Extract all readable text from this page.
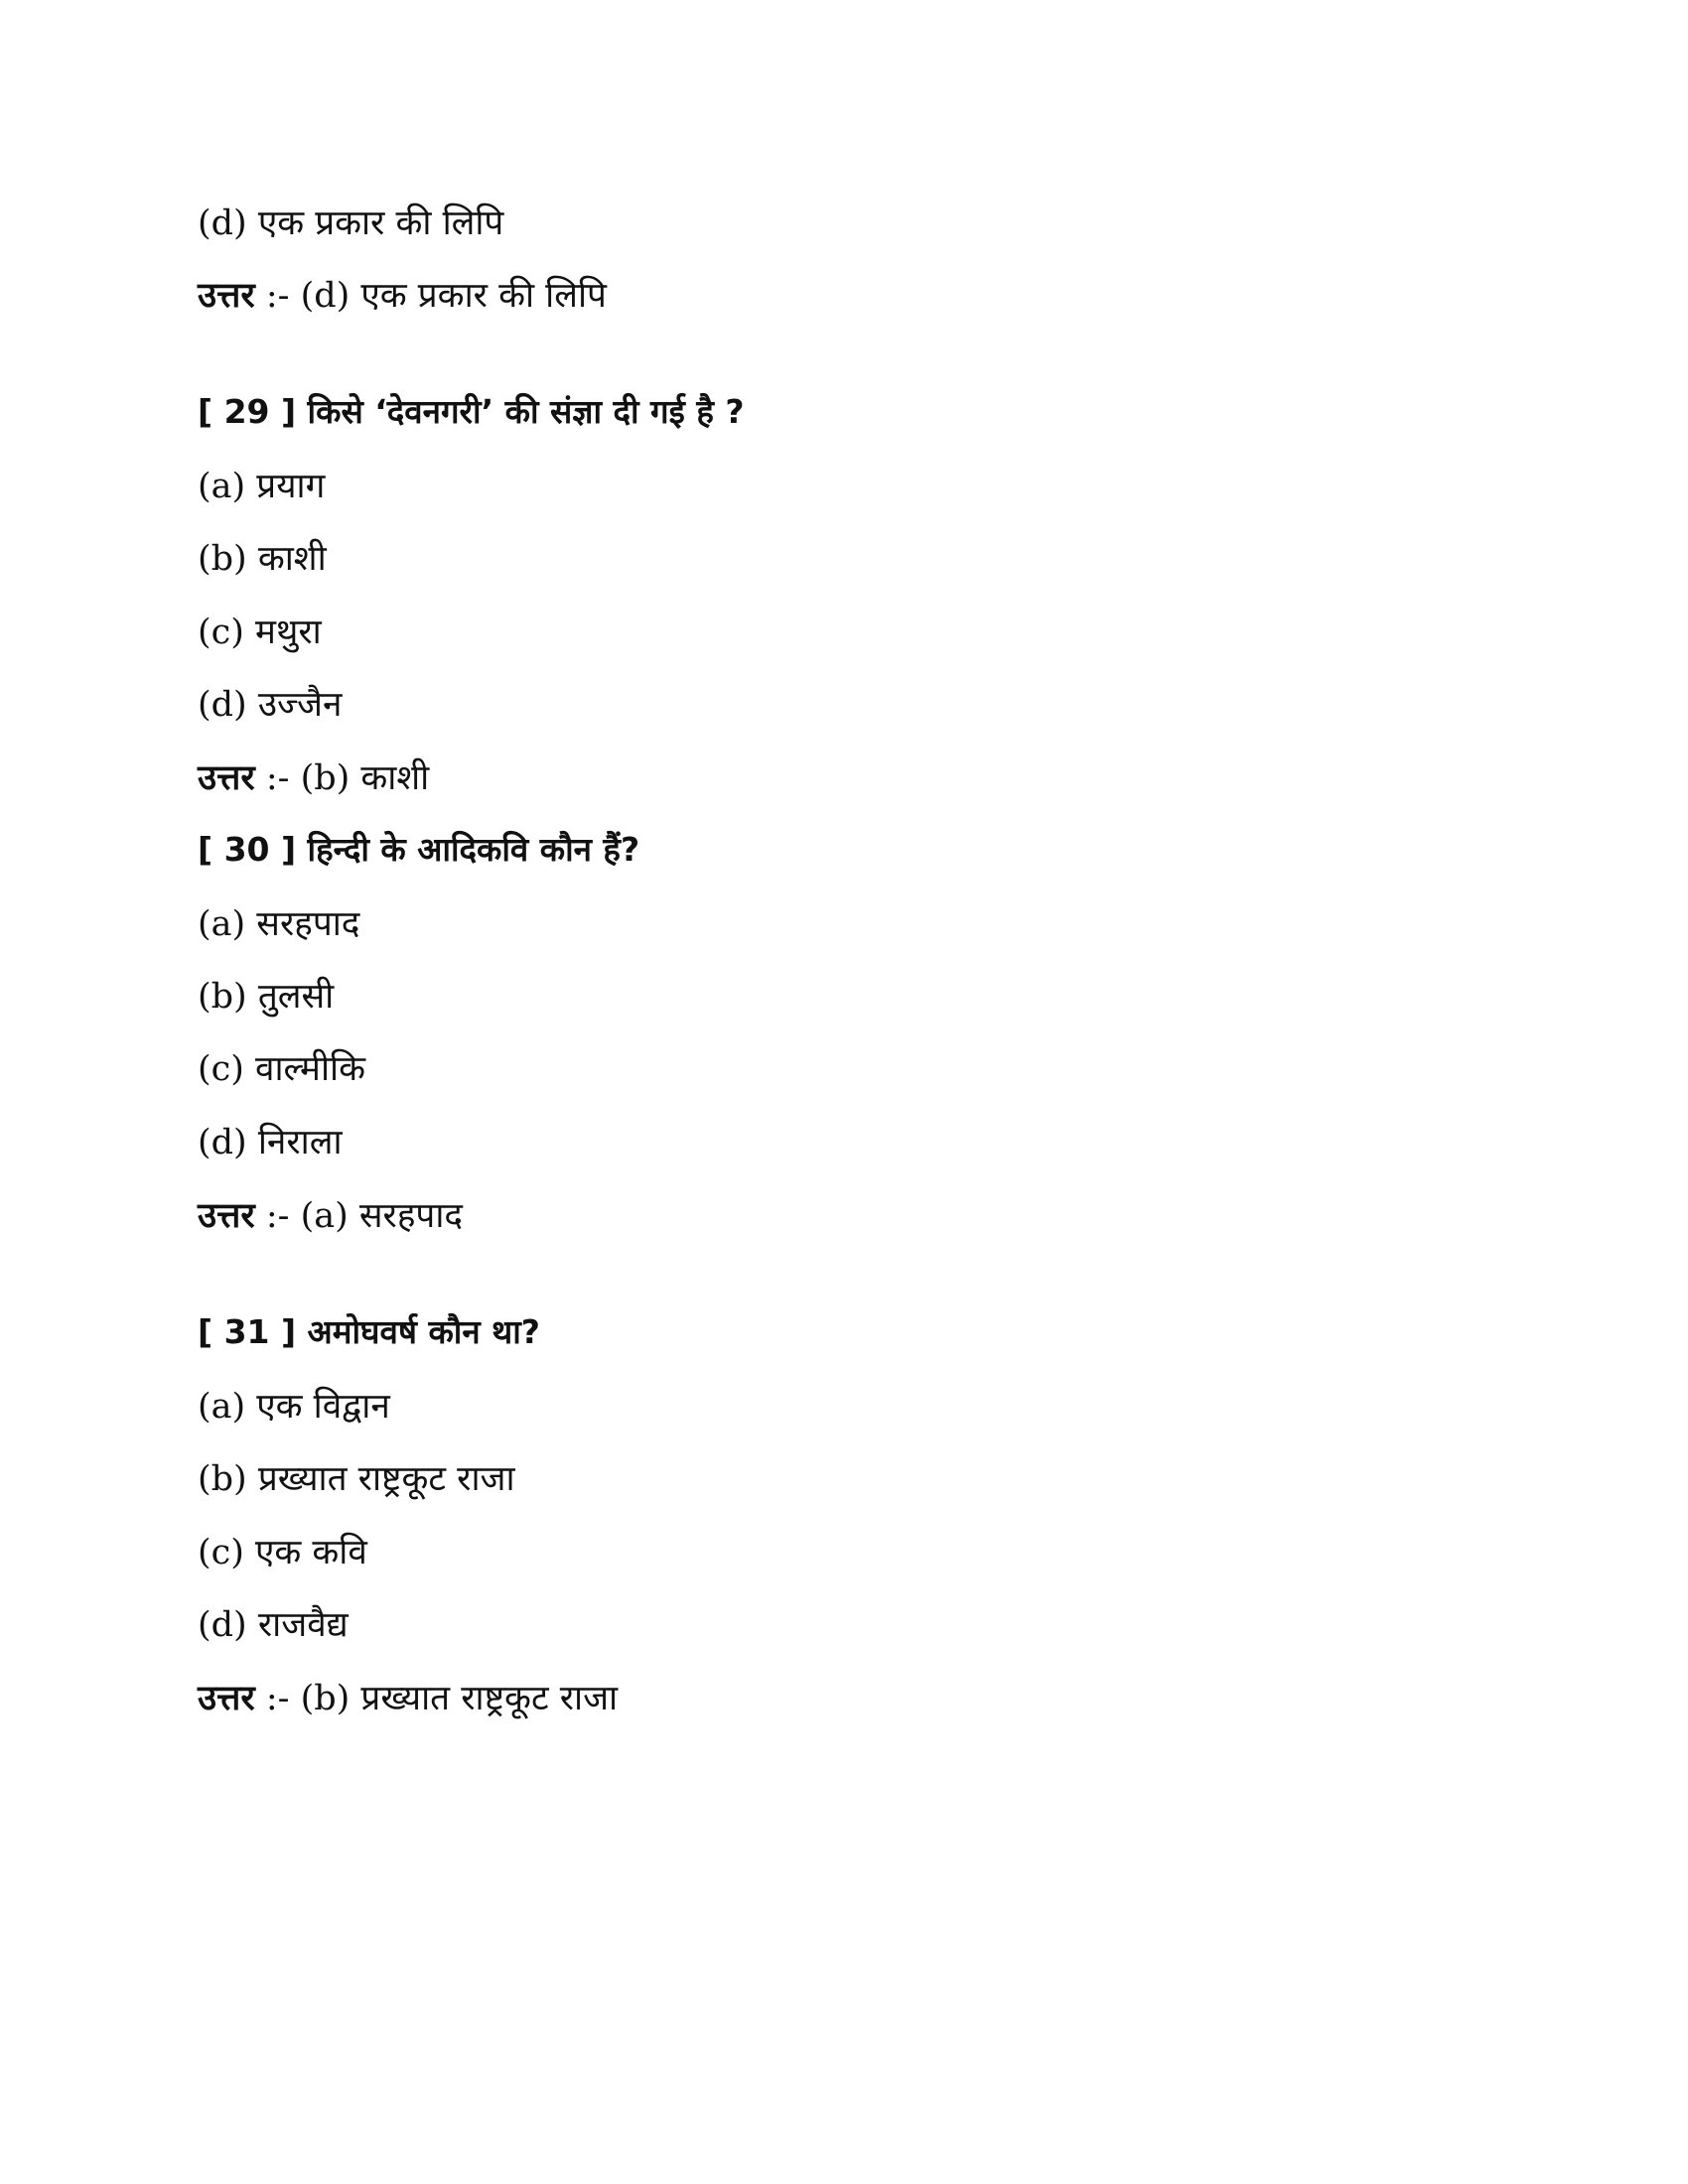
(d) एक प्रकार की लिपि
उत्तर :- (d) एक प्रकार की लिपि
[ 29 ] किसे ‘देवनगरी’ की संज्ञा दी गई है ?
(a) प्रयाग
(b) काशी
(c) मथुरा
(d) उज्जैन
उत्तर :- (b) काशी
[ 30 ] हिन्दी के आदिकवि कौन हैं?
(a) सरहपाद
(b) तुलसी
(c) वाल्मीकि
(d) निराला
उत्तर :- (a) सरहपाद
[ 31 ] अमोघवर्ष कौन था?
(a) एक विद्वान
(b) प्रख्यात राष्ट्रकूट राजा
(c) एक कवि
(d) राजवैद्य
उत्तर :- (b) प्रख्यात राष्ट्रकूट राजा
